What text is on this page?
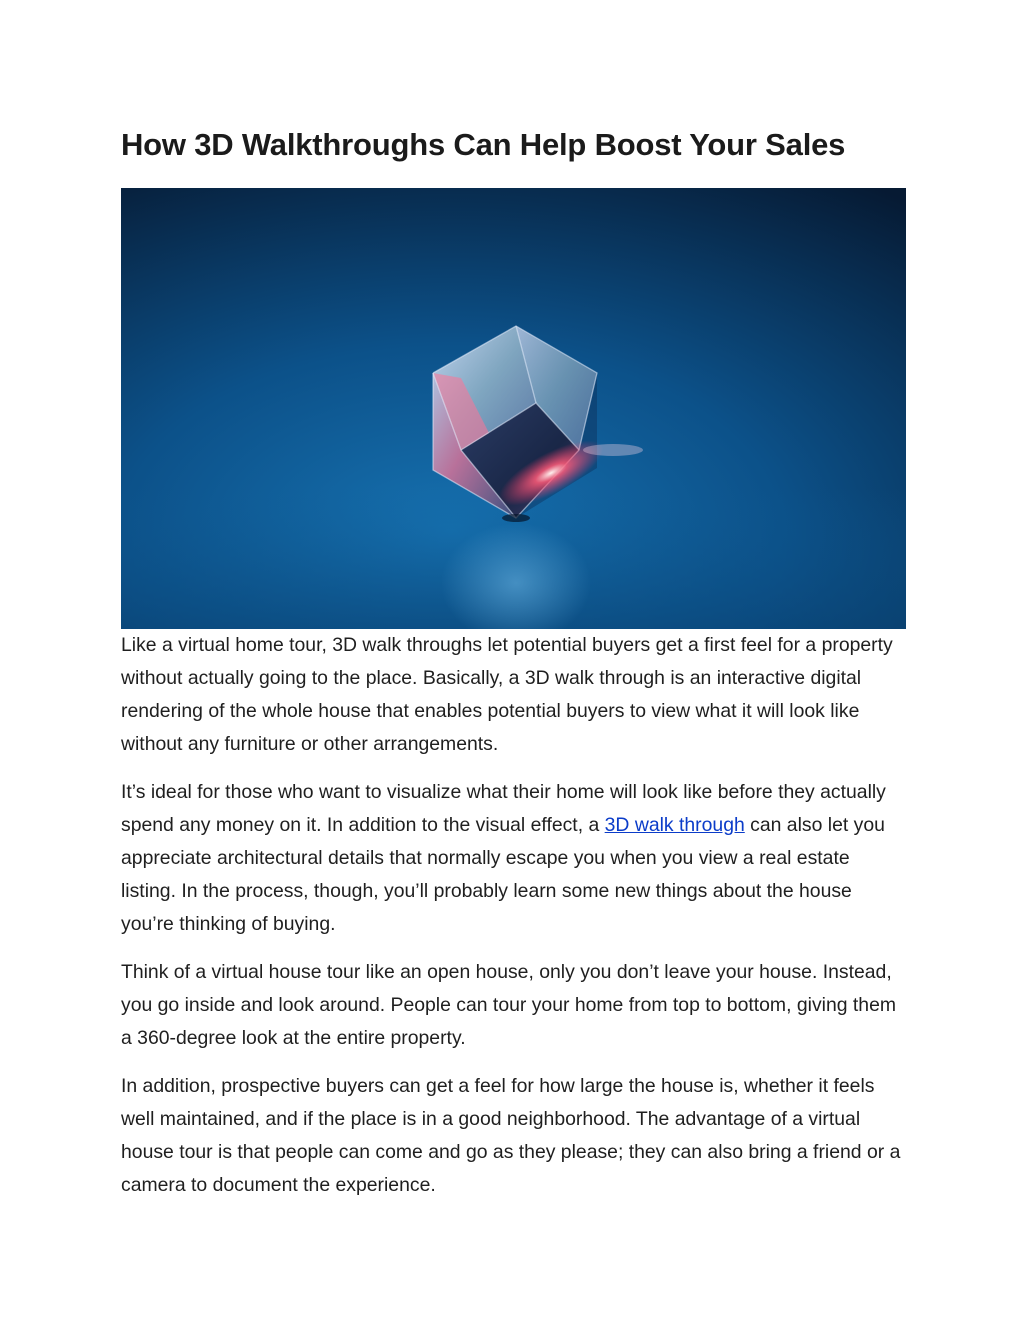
How 3D Walkthroughs Can Help Boost Your Sales

Like a virtual home tour, 3D walk throughs let potential buyers get a first feel for a property without actually going to the place. Basically, a 3D walk through is an interactive digital rendering of the whole house that enables potential buyers to view what it will look like without any furniture or other arrangements.

It’s ideal for those who want to visualize what their home will look like before they actually spend any money on it. In addition to the visual effect, a 3D walk through can also let you appreciate architectural details that normally escape you when you view a real estate listing. In the process, though, you’ll probably learn some new things about the house you’re thinking of buying.

Think of a virtual house tour like an open house, only you don’t leave your house. Instead, you go inside and look around. People can tour your home from top to bottom, giving them a 360-degree look at the entire property.

In addition, prospective buyers can get a feel for how large the house is, whether it feels well maintained, and if the place is in a good neighborhood. The advantage of a virtual house tour is that people can come and go as they please; they can also bring a friend or a camera to document the experience.
